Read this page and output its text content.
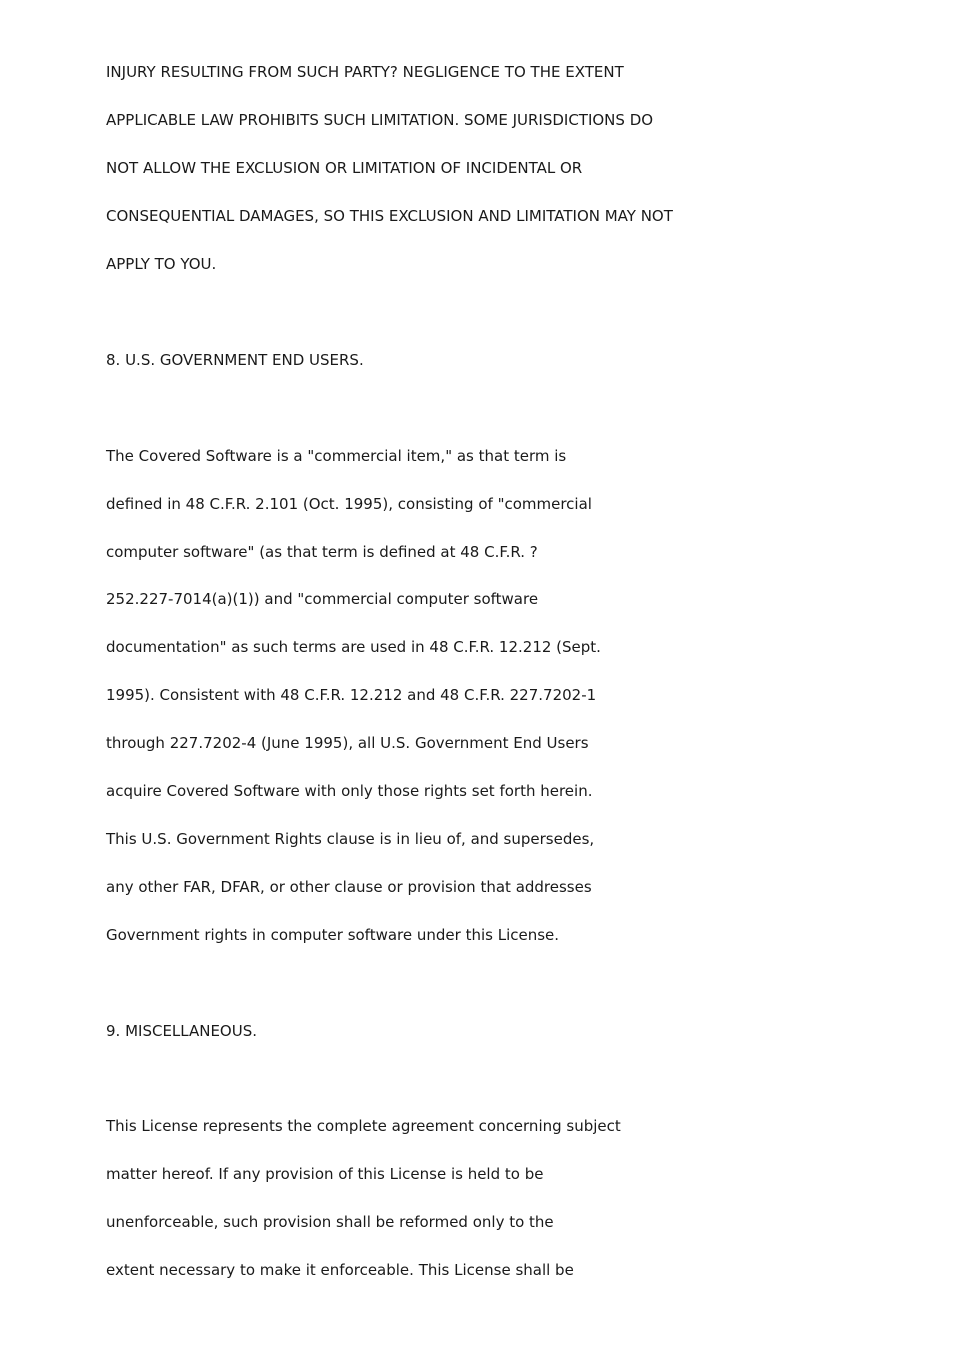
INJURY RESULTING FROM SUCH PARTY? NEGLIGENCE TO THE EXTENT
APPLICABLE LAW PROHIBITS SUCH LIMITATION. SOME JURISDICTIONS DO
NOT ALLOW THE EXCLUSION OR LIMITATION OF INCIDENTAL OR
CONSEQUENTIAL DAMAGES, SO THIS EXCLUSION AND LIMITATION MAY NOT
APPLY TO YOU.
8. U.S. GOVERNMENT END USERS.
The Covered Software is a "commercial item," as that term is
defined in 48 C.F.R. 2.101 (Oct. 1995), consisting of "commercial
computer software" (as that term is defined at 48 C.F.R. ?
252.227-7014(a)(1)) and "commercial computer software
documentation" as such terms are used in 48 C.F.R. 12.212 (Sept.
1995). Consistent with 48 C.F.R. 12.212 and 48 C.F.R. 227.7202-1
through 227.7202-4 (June 1995), all U.S. Government End Users
acquire Covered Software with only those rights set forth herein.
This U.S. Government Rights clause is in lieu of, and supersedes,
any other FAR, DFAR, or other clause or provision that addresses
Government rights in computer software under this License.
9. MISCELLANEOUS.
This License represents the complete agreement concerning subject
matter hereof. If any provision of this License is held to be
unenforceable, such provision shall be reformed only to the
extent necessary to make it enforceable. This License shall be
